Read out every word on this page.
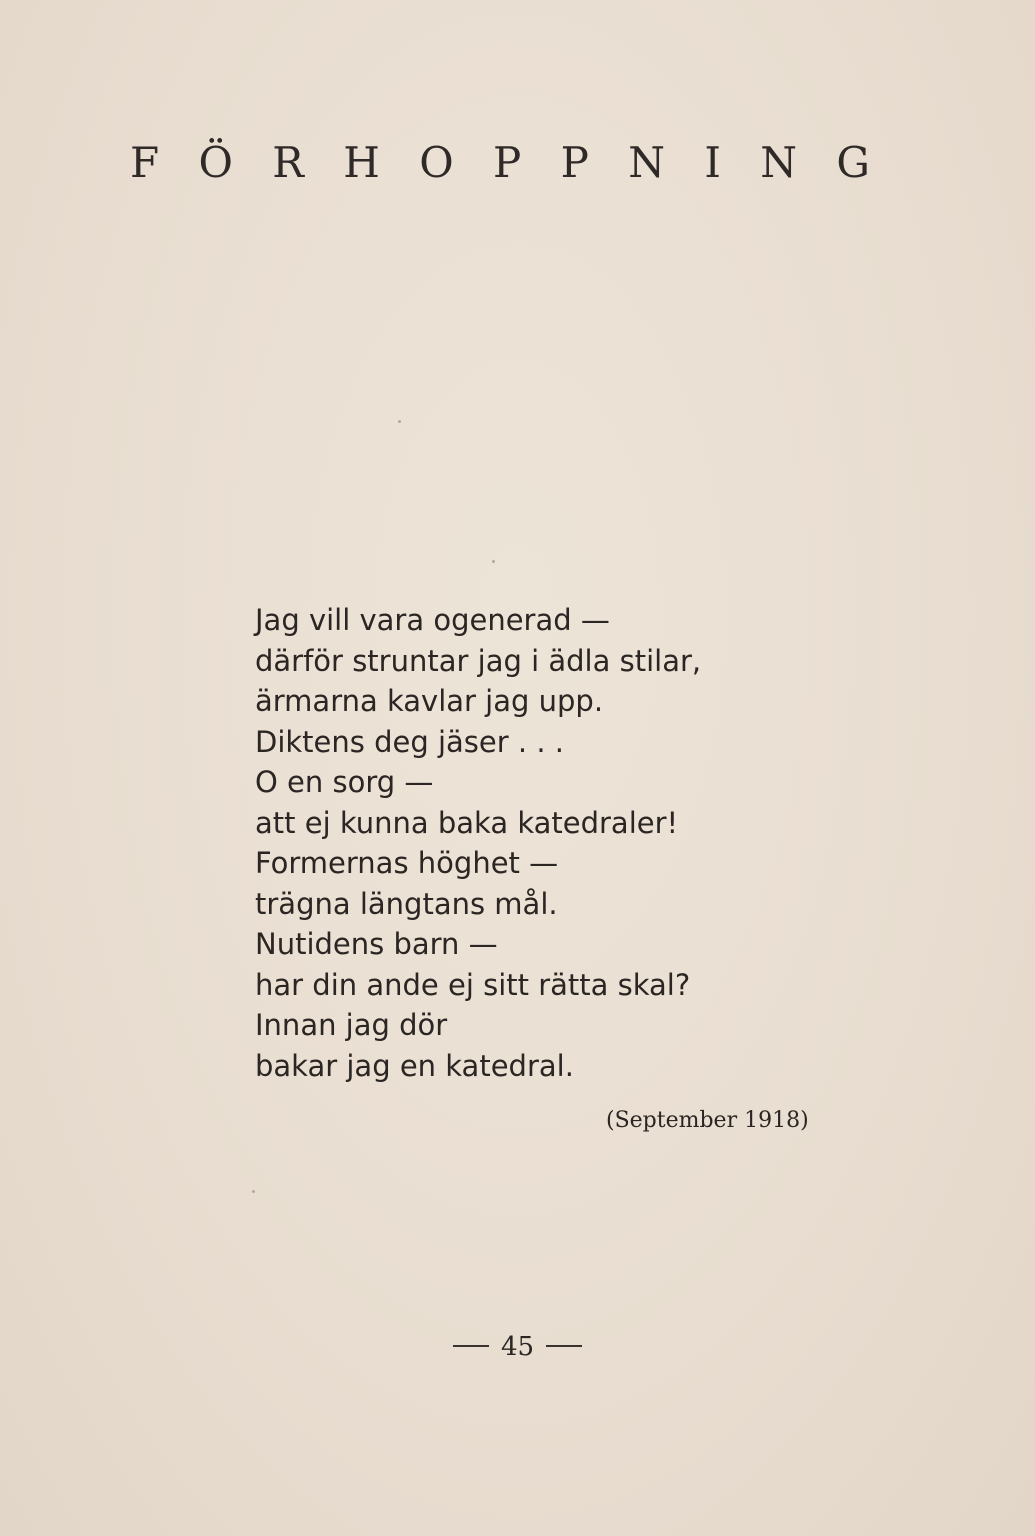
F Ö R H O P P N I N G
Jag vill vara ogenerad —
därför struntar jag i ädla stilar,
ärmarna kavlar jag upp.
Diktens deg jäser . . .
O en sorg —
att ej kunna baka katedraler!
Formernas höghet —
trägna längtans mål.
Nutidens barn —
har din ande ej sitt rätta skal?
Innan jag dör
bakar jag en katedral.
(September 1918)
45
